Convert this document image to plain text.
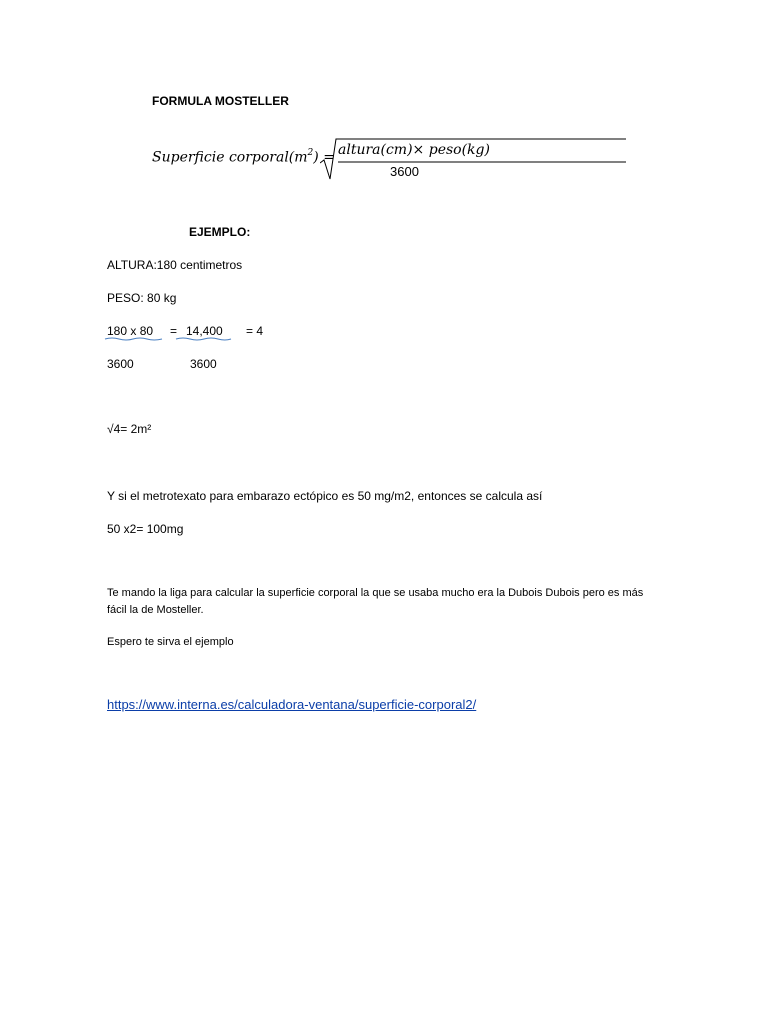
FORMULA MOSTELLER
Superficie $corporal(m^2)$ = altura(cm)× peso(kg)
3600
EJEMPLO:
ALTURA:180 centimetros
PESO: 80 kg
180 x 80 = 14,400 = 4
3600	3600
√4= 2m²
Y si el metrotexato para embarazo ectópico es 50 mg/m2, entonces se calcula así
50 x2= 100mg
Te mando la liga para calcular la superficie corporal la que se usaba mucho era la Dubois Dubois pero es más
fácil la de Mosteller.
Espero te sirva el ejemplo
https://www.interna.es/calculadora-ventana/superficie-corporal2/
